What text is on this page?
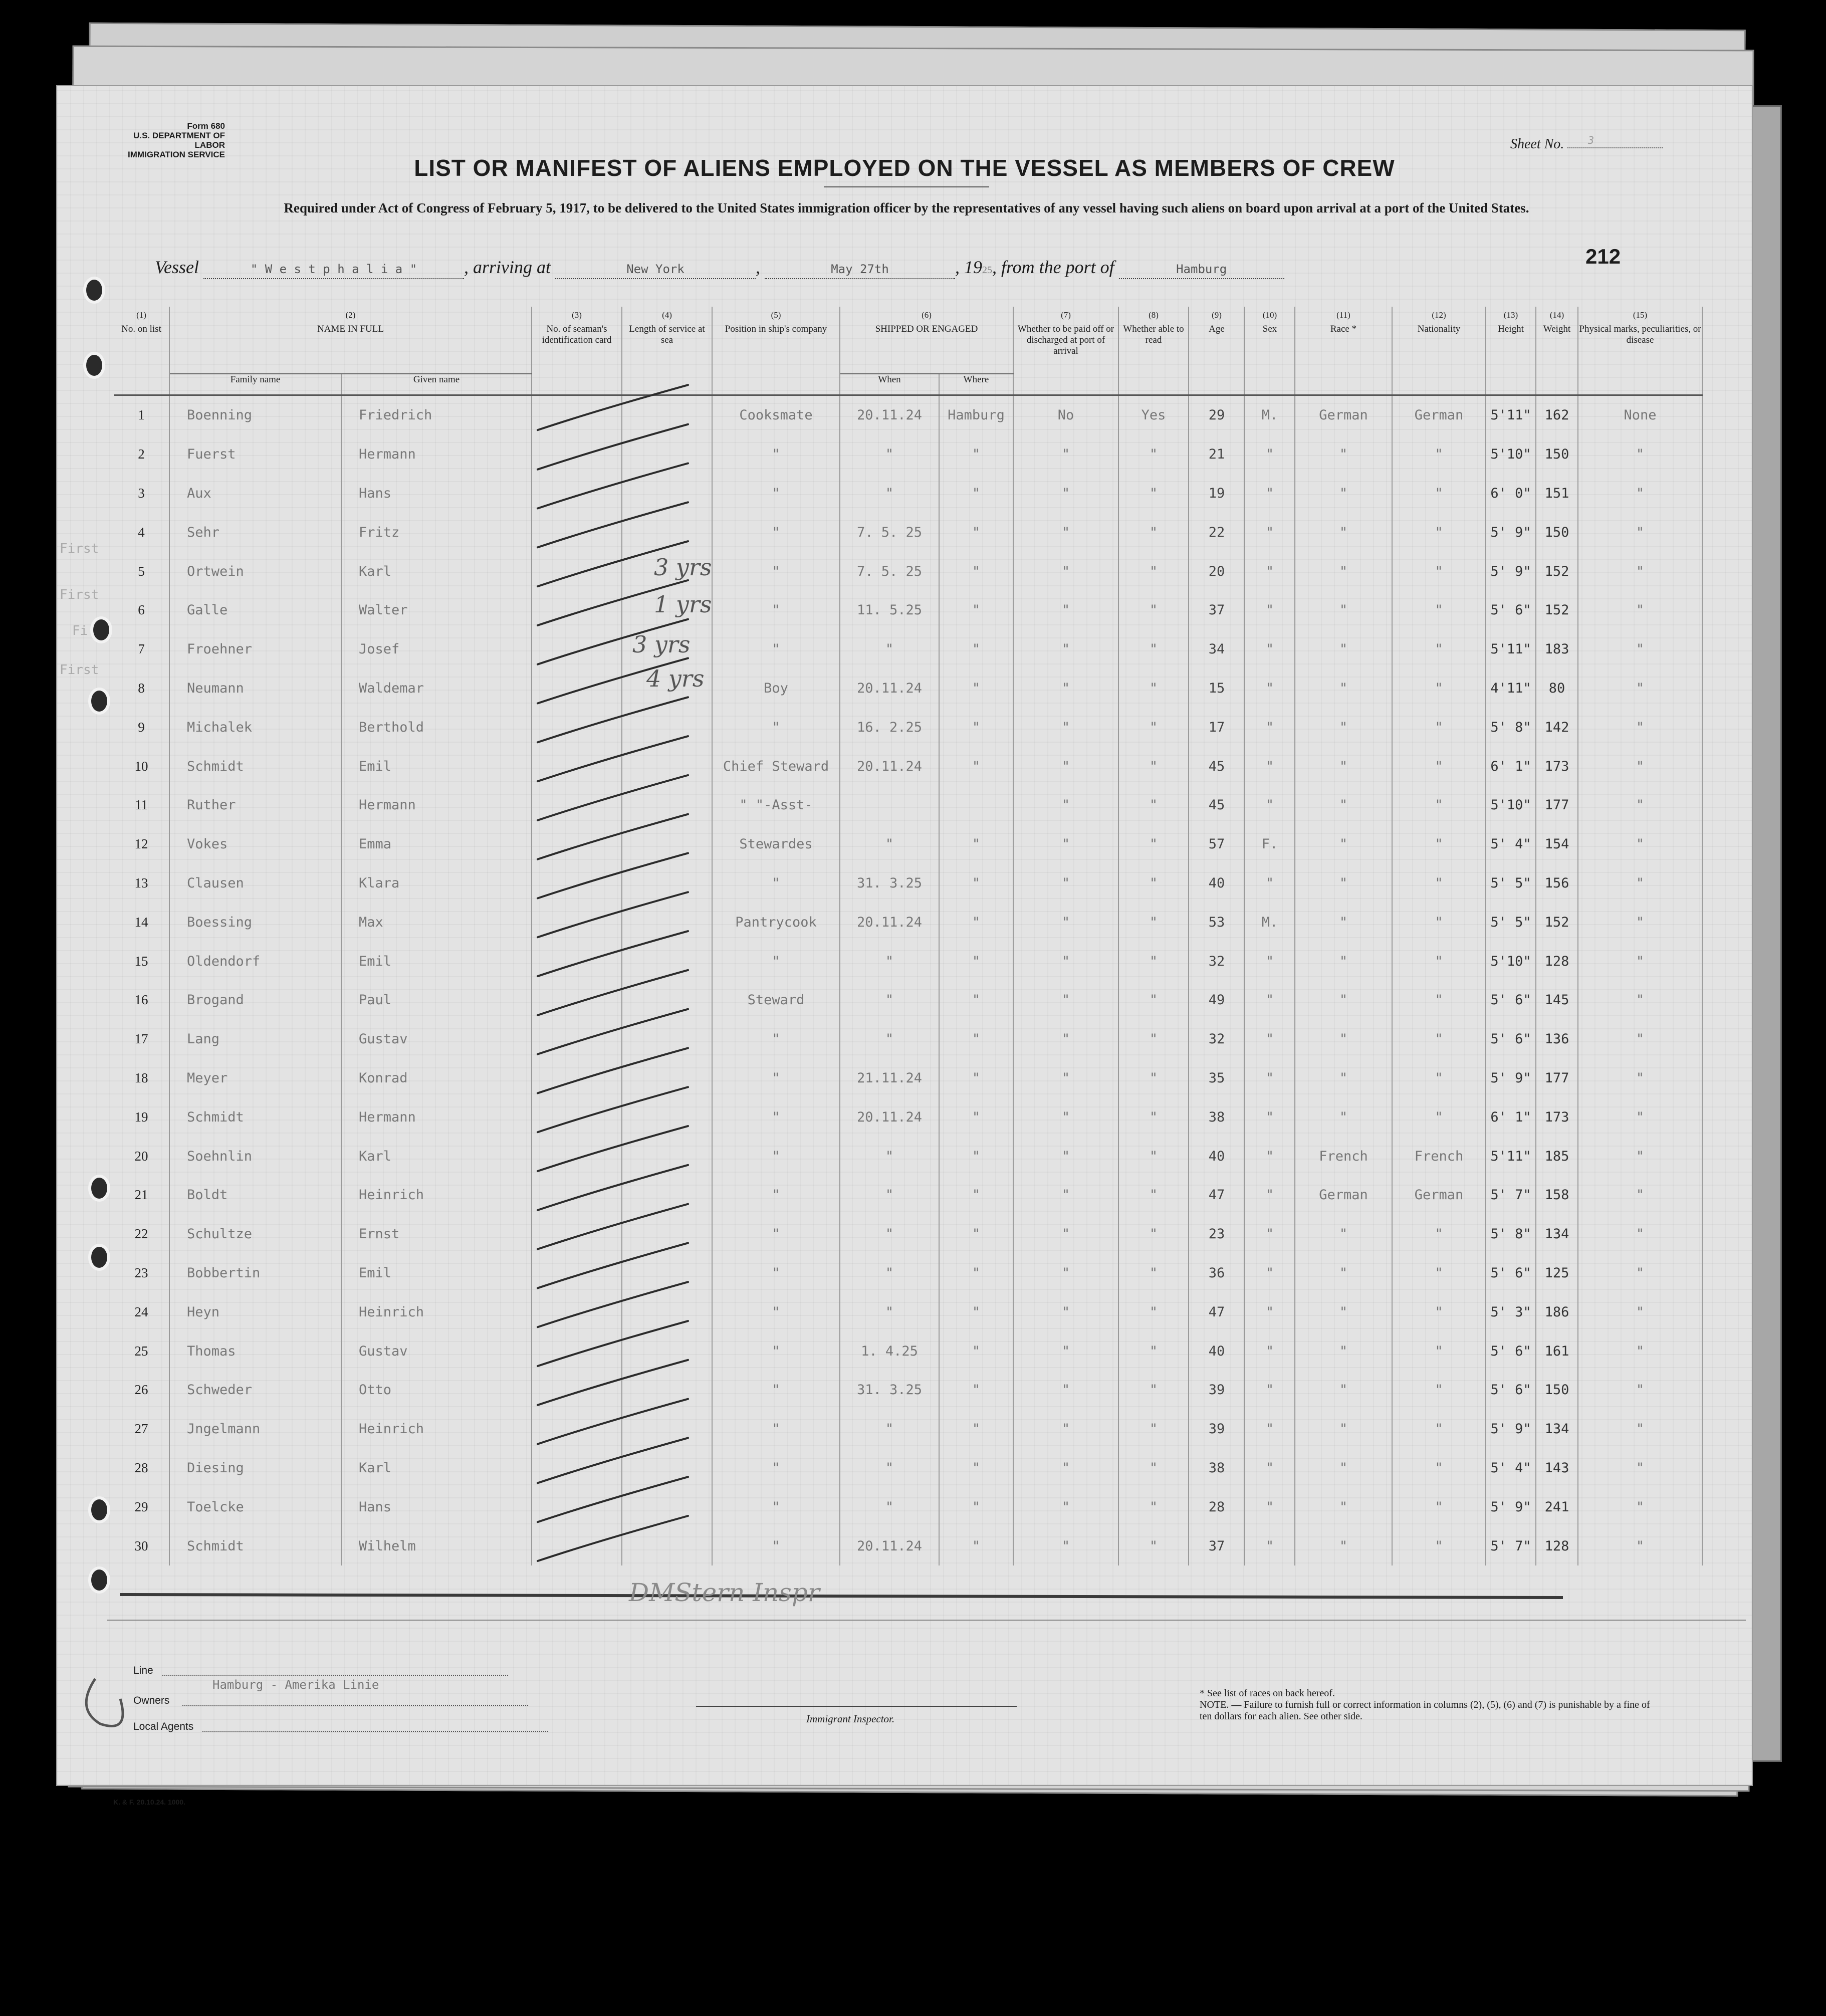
Form 680
U.S. DEPARTMENT OF LABOR
IMMIGRATION SERVICE
Sheet No. 3
LIST OR MANIFEST OF ALIENS EMPLOYED ON THE VESSEL AS MEMBERS OF CREW
Required under Act of Congress of February 5, 1917, to be delivered to the United States immigration officer by the representatives of any vessel having such aliens on board upon arrival at a port of the United States.
Vessel	" W e s t p h a l i a "	, arriving at	New York	,	May 27th	, 1925, from the port of	Hamburg
212
First
First
Fi
First
(1)	(2)		(3)	(4)	(5)	(6)		(7)	(8)	(9)	(10)	(11)	(12)	(13)	(14)	(15)
No. on list	NAME IN FULL		No. of seaman's identification card	Length of service at sea	Position in ship's company	SHIPPED OR ENGAGED		Whether to be paid off or discharged at port of arrival	Whether able to read	Age	Sex	Race *	Nationality	Height	Weight	Physical marks, peculiarities, or disease
	Family name	Given name				When	Where									
1	Boenning	Friedrich			Cooksmate	20.11.24	Hamburg	No	Yes	29	M.	German	German	5'11"	162	None
2	Fuerst	Hermann			"	"	"	"	"	21	"	"	"	5'10"	150	"
3	Aux	Hans			"	"	"	"	"	19	"	"	"	6' 0"	151	"
4	Sehr	Fritz			"	7. 5. 25	"	"	"	22	"	"	"	5' 9"	150	"
5	Ortwein	Karl			"	7. 5. 25	"	"	"	20	"	"	"	5' 9"	152	"
6	Galle	Walter			"	11. 5.25	"	"	"	37	"	"	"	5' 6"	152	"
7	Froehner	Josef			"	"	"	"	"	34	"	"	"	5'11"	183	"
8	Neumann	Waldemar			Boy	20.11.24	"	"	"	15	"	"	"	4'11"	80	"
9	Michalek	Berthold			"	16. 2.25	"	"	"	17	"	"	"	5' 8"	142	"
10	Schmidt	Emil			Chief Steward	20.11.24	"	"	"	45	"	"	"	6' 1"	173	"
11	Ruther	Hermann			" "-Asst-			"	"	45	"	"	"	5'10"	177	"
12	Vokes	Emma			Stewardes	"	"	"	"	57	F.	"	"	5' 4"	154	"
13	Clausen	Klara			"	31. 3.25	"	"	"	40	"	"	"	5' 5"	156	"
14	Boessing	Max			Pantrycook	20.11.24	"	"	"	53	M.	"	"	5' 5"	152	"
15	Oldendorf	Emil			"	"	"	"	"	32	"	"	"	5'10"	128	"
16	Brogand	Paul			Steward	"	"	"	"	49	"	"	"	5' 6"	145	"
17	Lang	Gustav			"	"	"	"	"	32	"	"	"	5' 6"	136	"
18	Meyer	Konrad			"	21.11.24	"	"	"	35	"	"	"	5' 9"	177	"
19	Schmidt	Hermann			"	20.11.24	"	"	"	38	"	"	"	6' 1"	173	"
20	Soehnlin	Karl			"	"	"	"	"	40	"	French	French	5'11"	185	"
21	Boldt	Heinrich			"	"	"	"	"	47	"	German	German	5' 7"	158	"
22	Schultze	Ernst			"	"	"	"	"	23	"	"	"	5' 8"	134	"
23	Bobbertin	Emil			"	"	"	"	"	36	"	"	"	5' 6"	125	"
24	Heyn	Heinrich			"	"	"	"	"	47	"	"	"	5' 3"	186	"
25	Thomas	Gustav			"	1. 4.25	"	"	"	40	"	"	"	5' 6"	161	"
26	Schweder	Otto			"	31. 3.25	"	"	"	39	"	"	"	5' 6"	150	"
27	Jngelmann	Heinrich			"	"	"	"	"	39	"	"	"	5' 9"	134	"
28	Diesing	Karl			"	"	"	"	"	38	"	"	"	5' 4"	143	"
29	Toelcke	Hans			"	"	"	"	"	28	"	"	"	5' 9"	241	"
30	Schmidt	Wilhelm			"	20.11.24	"	"	"	37	"	"	"	5' 7"	128	"
Line
Owners
Hamburg - Amerika Linie
Local Agents
Immigrant Inspector.
* See list of races on back hereof.
NOTE. — Failure to furnish full or correct information in columns (2), (5), (6) and (7) is punishable by a fine of ten dollars for each alien. See other side.
K. & F. 20.10.24. 1000.
3 yrs
1 yrs
3 yrs
4 yrs
DMStern Inspr
